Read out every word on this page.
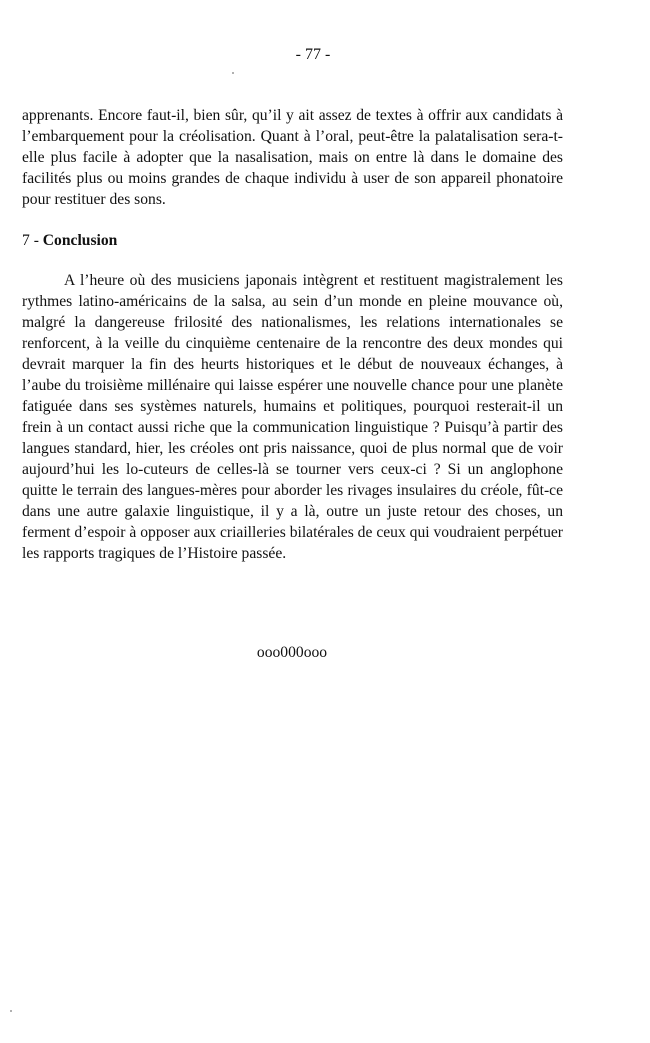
- 77 -

apprenants. Encore faut-il, bien sûr, qu’il y ait assez de textes à offrir aux candidats à l’embarquement pour la créolisation. Quant à l’oral, peut-être la palatalisation sera-t-elle plus facile à adopter que la nasalisation, mais on entre là dans le domaine des facilités plus ou moins grandes de chaque individu à user de son appareil phonatoire pour restituer des sons.

7 - Conclusion

A l’heure où des musiciens japonais intègrent et restituent magistralement les rythmes latino-américains de la salsa, au sein d’un monde en pleine mouvance où, malgré la dangereuse frilosité des nationalismes, les relations internationales se renforcent, à la veille du cinquième centenaire de la rencontre des deux mondes qui devrait marquer la fin des heurts historiques et le début de nouveaux échanges, à l’aube du troisième millénaire qui laisse espérer une nouvelle chance pour une planète fatiguée dans ses systèmes naturels, humains et politiques, pourquoi resterait-il un frein à un contact aussi riche que la communication linguistique ? Puisqu’à partir des langues standard, hier, les créoles ont pris naissance, quoi de plus normal que de voir aujourd’hui les lo-cuteurs de celles-là se tourner vers ceux-ci ? Si un anglophone quitte le terrain des langues-mères pour aborder les rivages insulaires du créole, fût-ce dans une autre galaxie linguistique, il y a là, outre un juste retour des choses, un ferment d’espoir à opposer aux criailleries bilatérales de ceux qui voudraient perpétuer les rapports tragiques de l’Histoire passée.

ooo000ooo
